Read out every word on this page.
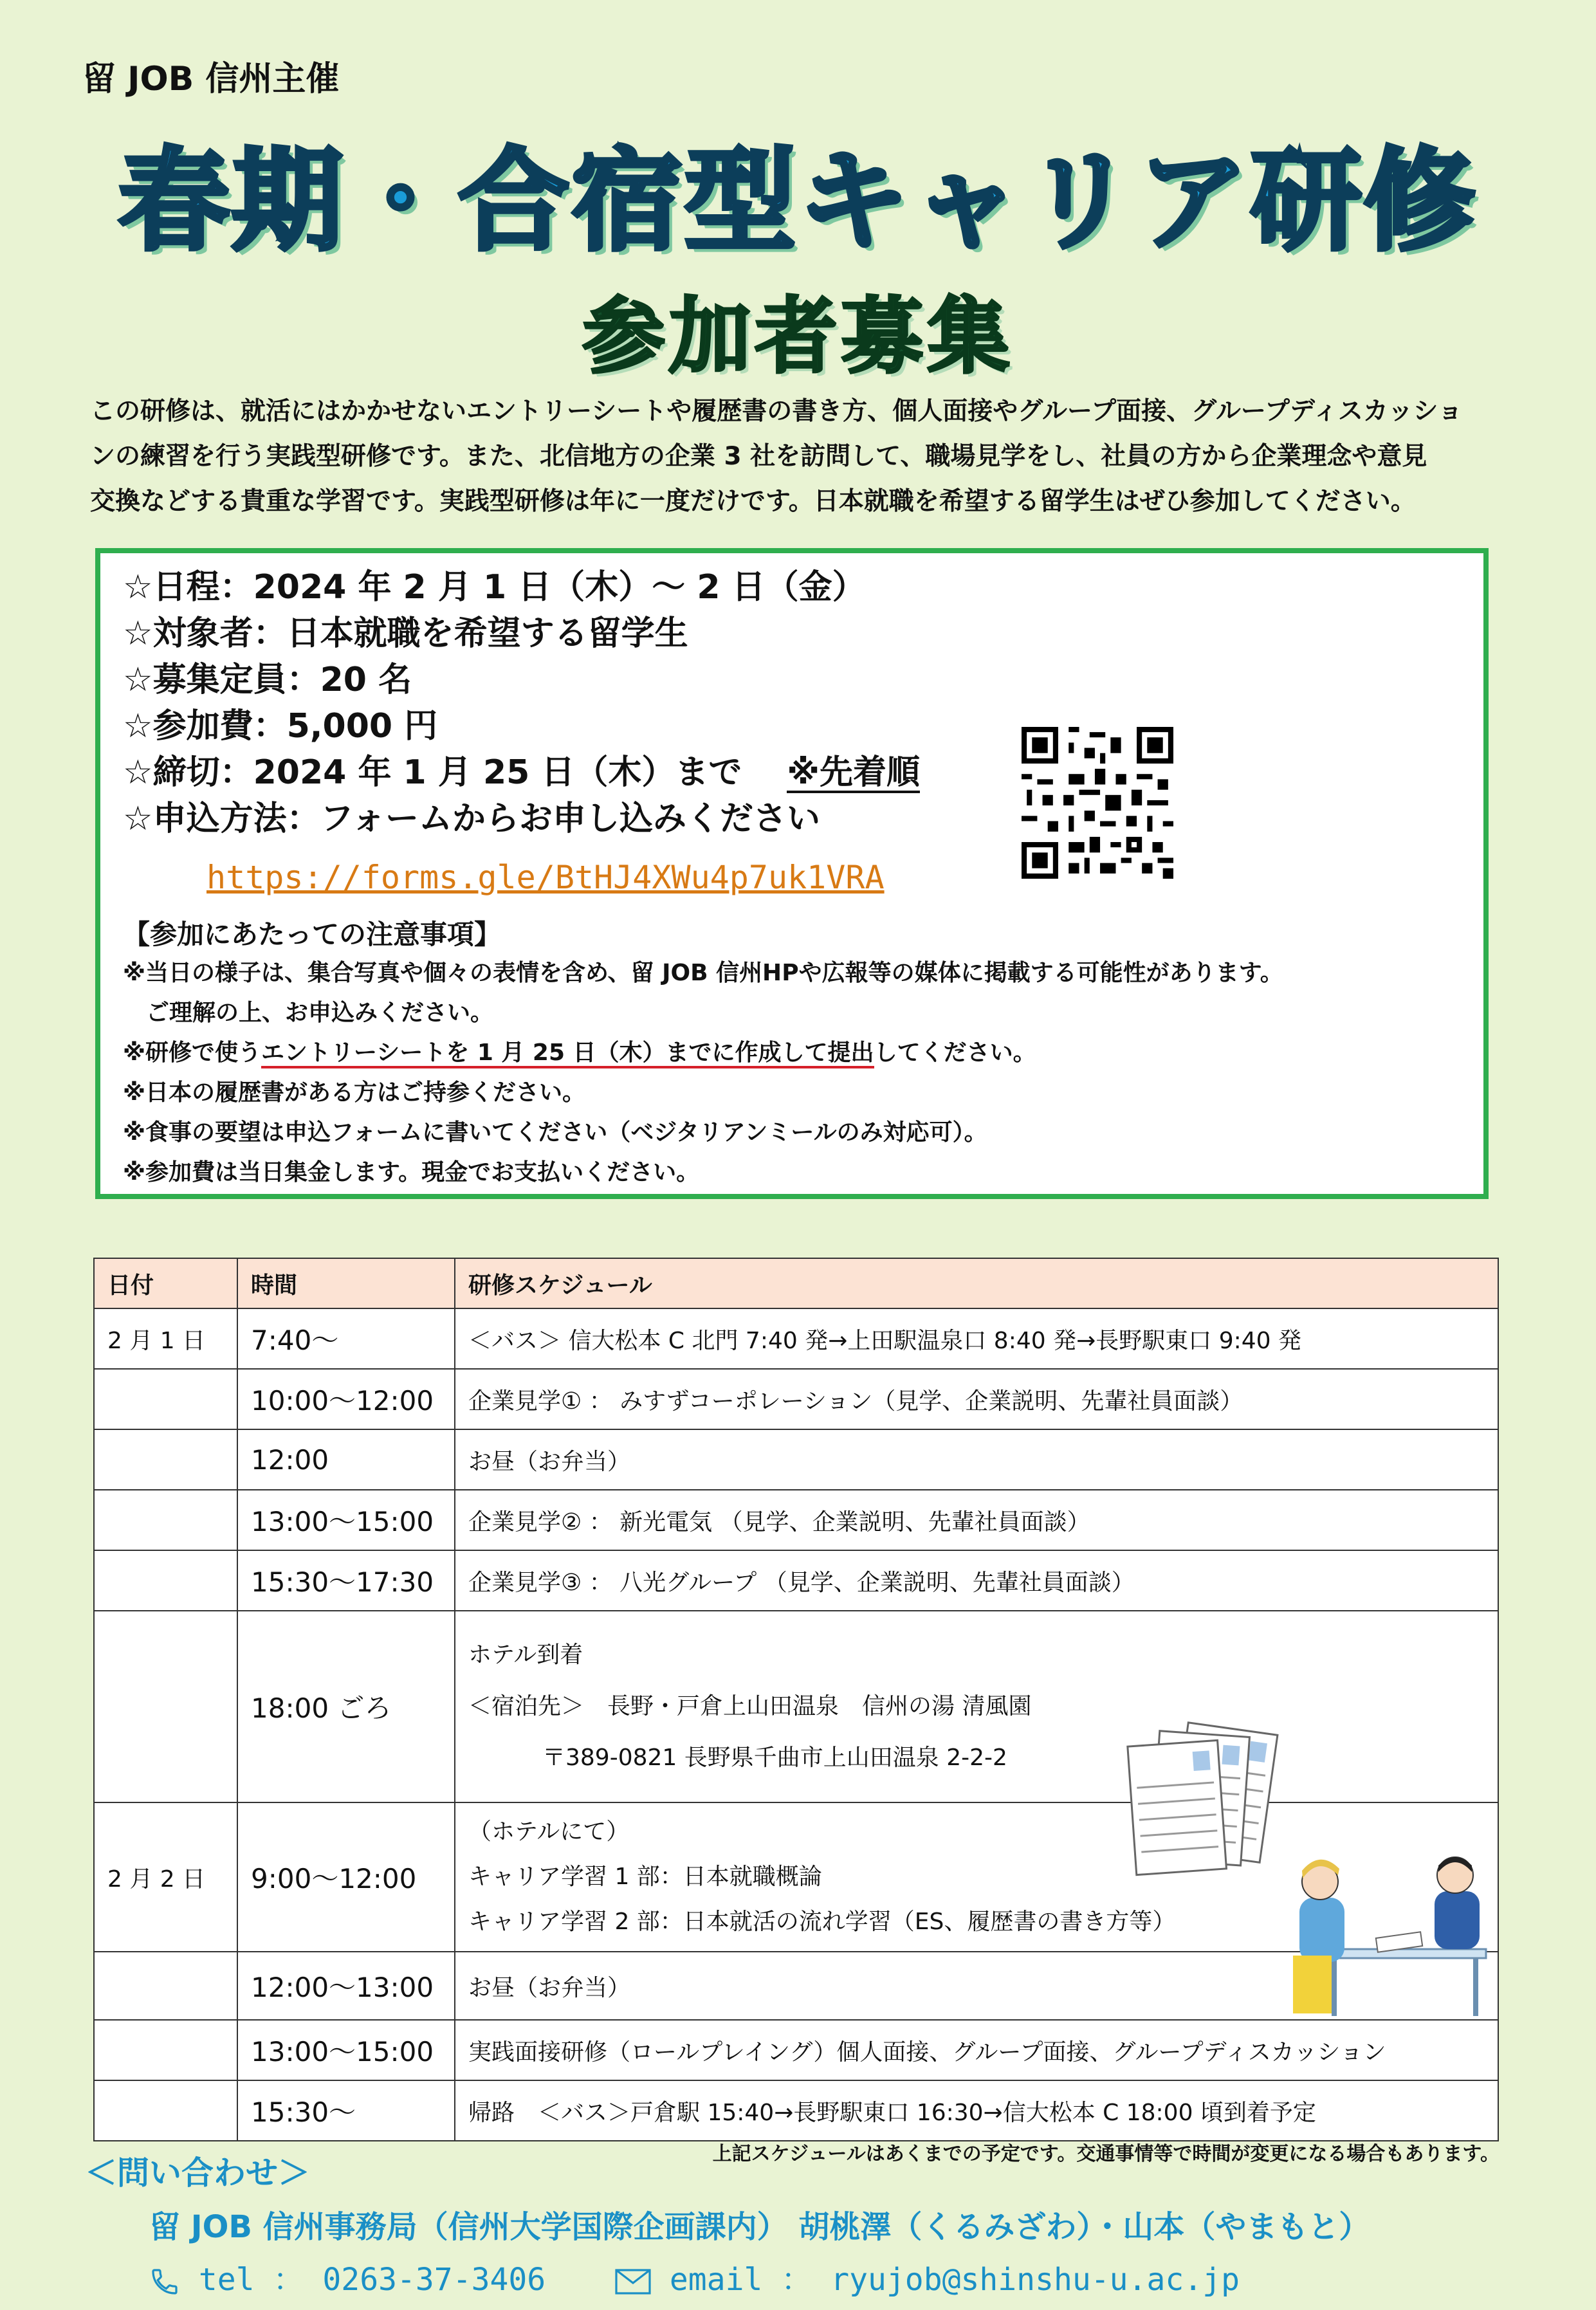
留 JOB 信州主催
春期・合宿型キャリア研修
参加者募集

この研修は、就活にはかかせないエントリーシートや履歴書の書き方、個人面接やグループ面接、グループディスカッショ

ンの練習を行う実践型研修です。また、北信地方の企業 3 社を訪問して、職場見学をし、社員の方から企業理念や意見

交換などする貴重な学習です。実践型研修は年に一度だけです。日本就職を希望する留学生はぜひ参加してください。

☆日程：2024 年 2 月 1 日（木）～ 2 日（金）
☆対象者：日本就職を希望する留学生
☆募集定員：20 名
☆参加費：5,000 円
☆締切：2024 年 1 月 25 日（木）まで ※先着順
☆申込方法：フォームからお申し込みください
https://forms.gle/BtHJ4XWu4p7uk1VRA
【参加にあたっての注意事項】
※当日の様子は、集合写真や個々の表情を含め、留 JOB 信州HPや広報等の媒体に掲載する可能性があります。
　ご理解の上、お申込みください。
※研修で使うエントリーシートを 1 月 25 日（木）までに作成して提出してください。
※日本の履歴書がある方はご持参ください。
※食事の要望は申込フォームに書いてください（ベジタリアンミールのみ対応可）。
※参加費は当日集金します。現金でお支払いください。
日付	時間	研修スケジュール
2 月 1 日	7:40～	＜バス＞ 信大松本 C 北門 7:40 発→上田駅温泉口 8:40 発→長野駅東口 9:40 発
	10:00～12:00	企業見学① ： みすずコーポレーション（見学、企業説明、先輩社員面談）
	12:00	お昼（お弁当）
	13:00～15:00	企業見学② ： 新光電気 （見学、企業説明、先輩社員面談）
	15:30～17:30	企業見学③ ： 八光グループ （見学、企業説明、先輩社員面談）
	18:00 ごろ	ホテル到着
＜宿泊先＞　長野・戸倉上山田温泉　信州の湯 清風園
〒389-0821 長野県千曲市上山田温泉 2-2-2

2 月 2 日	9:00～12:00	（ホテルにて）
キャリア学習 1 部：日本就職概論
キャリア学習 2 部：日本就活の流れ学習（ES、履歴書の書き方等）

	12:00～13:00	お昼（お弁当）
	13:00～15:00	実践面接研修（ロールプレイング）個人面接、グループ面接、グループディスカッション
	15:30～	帰路　＜バス＞戸倉駅 15:40→長野駅東口 16:30→信大松本 C 18:00 頃到着予定
上記スケジュールはあくまでの予定です。交通事情等で時間が変更になる場合もあります。
＜問い合わせ＞
留 JOB 信州事務局（信州大学国際企画課内） 胡桃澤（くるみざわ）・山本（やまもと）
tel ： 0263-37-3406	email ： ryujob@shinshu-u.ac.jp
